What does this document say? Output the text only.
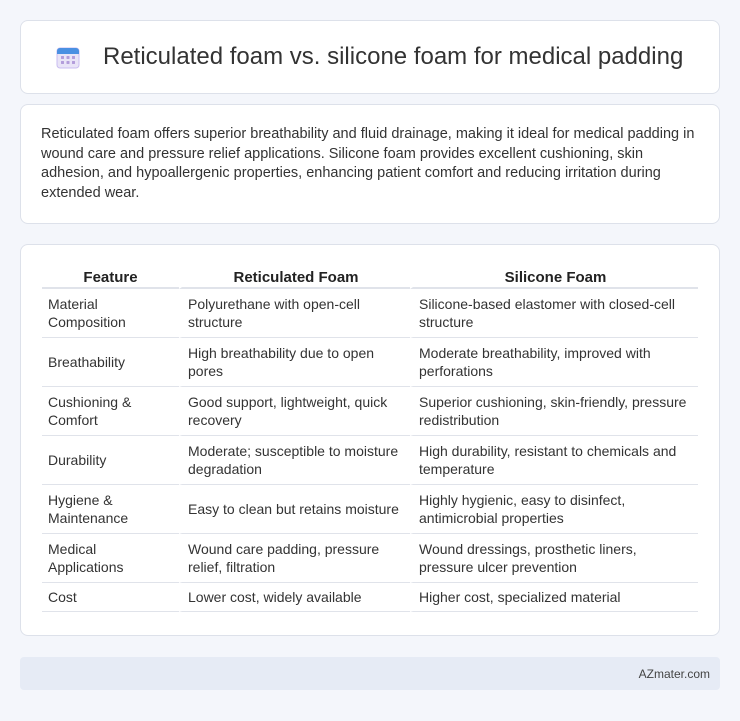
Reticulated foam vs. silicone foam for medical padding

Reticulated foam offers superior breathability and fluid drainage, making it ideal for medical padding in wound care and pressure relief applications. Silicone foam provides excellent cushioning, skin adhesion, and hypoallergenic properties, enhancing patient comfort and reducing irritation during extended wear.

Feature	Reticulated Foam	Silicone Foam
Material Composition	Polyurethane with open-cell structure	Silicone-based elastomer with closed-cell structure
Breathability	High breathability due to open pores	Moderate breathability, improved with perforations
Cushioning & Comfort	Good support, lightweight, quick recovery	Superior cushioning, skin-friendly, pressure redistribution
Durability	Moderate; susceptible to moisture degradation	High durability, resistant to chemicals and temperature
Hygiene & Maintenance	Easy to clean but retains moisture	Highly hygienic, easy to disinfect, antimicrobial properties
Medical Applications	Wound care padding, pressure relief, filtration	Wound dressings, prosthetic liners, pressure ulcer prevention
Cost	Lower cost, widely available	Higher cost, specialized material
AZmater.com
